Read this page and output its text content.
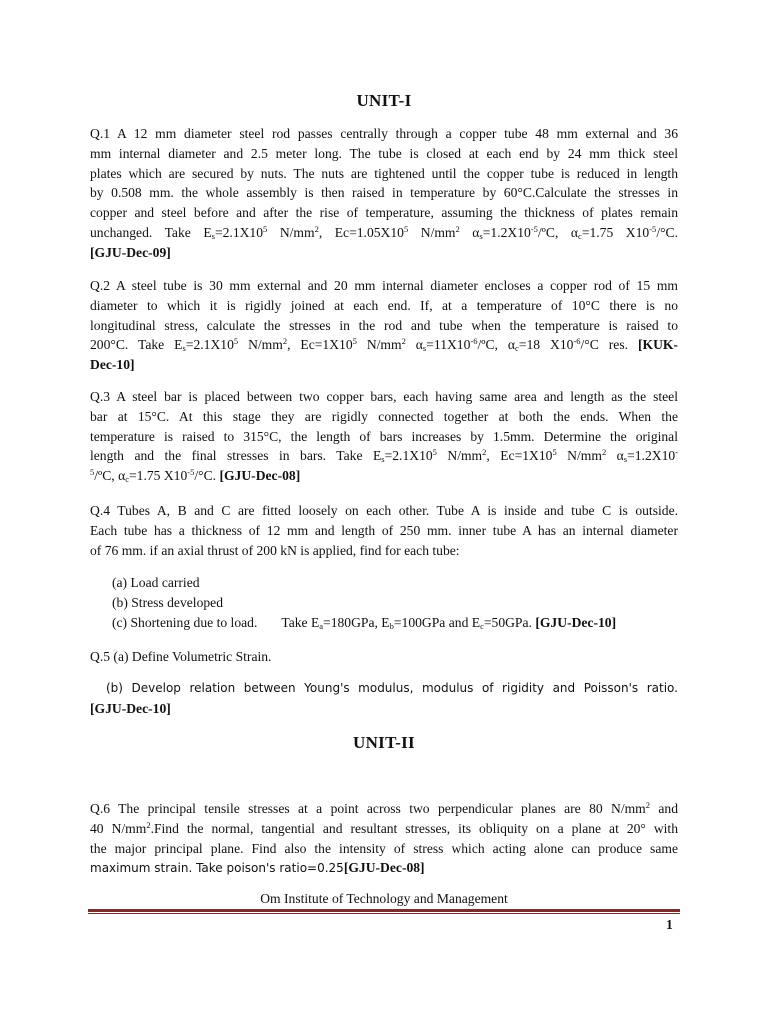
UNIT-I
Q.1 A 12 mm diameter steel rod passes centrally through a copper tube 48 mm external and 36
mm internal diameter and 2.5 meter long. The tube is closed at each end by 24 mm thick steel
plates which are secured by nuts. The nuts are tightened until the copper tube is reduced in length
by 0.508 mm. the whole assembly is then raised in temperature by 60°C.Calculate the stresses in
copper and steel before and after the rise of temperature, assuming the thickness of plates remain
unchanged. Take $E_s=2.1X10^5$ $N/mm^2$, $Ec=1.05X10^5$ $N/mm^2$ $\alpha_s=1.2X10^{-5}/ºC$, $\alpha_c=1.75$ $X10^{-5}/^\circ C$.
[GJU-Dec-09]
Q.2 A steel tube is 30 mm external and 20 mm internal diameter encloses a copper rod of 15 mm
diameter to which it is rigidly joined at each end. If, at a temperature of 10°C there is no
longitudinal stress, calculate the stresses in the rod and tube when the temperature is raised to
200°C. Take $E_s=2.1X10^5$ $N/mm^2$, $Ec=1X10^5$ $N/mm^2$ $\alpha_s=11X10^{-6}/ºC$, $\alpha_c=18$ $X10^{-6}/^\circ C$ res. [KUK-
Dec-10]
Q.3 A steel bar is placed between two copper bars, each having same area and length as the steel
bar at 15°C. At this stage they are rigidly connected together at both the ends. When the
temperature is raised to 315°C, the length of bars increases by 1.5mm. Determine the original
length and the final stresses in bars. Take $E_s=2.1X10^5$ $N/mm^2$, $Ec=1X10^5$ $N/mm^2$ $\alpha_s=1.2X10^-$
$^5$/ºC, $\alpha_c=1.75$ $X10^{-5}/^\circ C$. [GJU-Dec-08]
Q.4 Tubes A, B and C are fitted loosely on each other. Tube A is inside and tube C is outside.
Each tube has a thickness of 12 mm and length of 250 mm. inner tube A has an internal diameter
of 76 mm. if an axial thrust of 200 kN is applied, find for each tube:
(a) Load carried
(b) Stress developed
(c) Shortening due to load. Take $E_a=180GPa$, $E_b=100GPa$ and $E_c=50GPa$. [GJU-Dec-10]
Q.5 (a) Define Volumetric Strain.
(b) Develop relation between Young's modulus, modulus of rigidity and Poisson's ratio.
[GJU-Dec-10]
UNIT-II
Q.6 The principal tensile stresses at a point across two perpendicular planes are 80 $N/mm^2$ and
40 $N/mm^2.Find$ the normal, tangential and resultant stresses, its obliquity on a plane at 20° with
the major principal plane. Find also the intensity of stress which acting alone can produce same
maximum strain. Take poison's ratio=0.25[GJU-Dec-08]
Om Institute of Technology and Management
1
